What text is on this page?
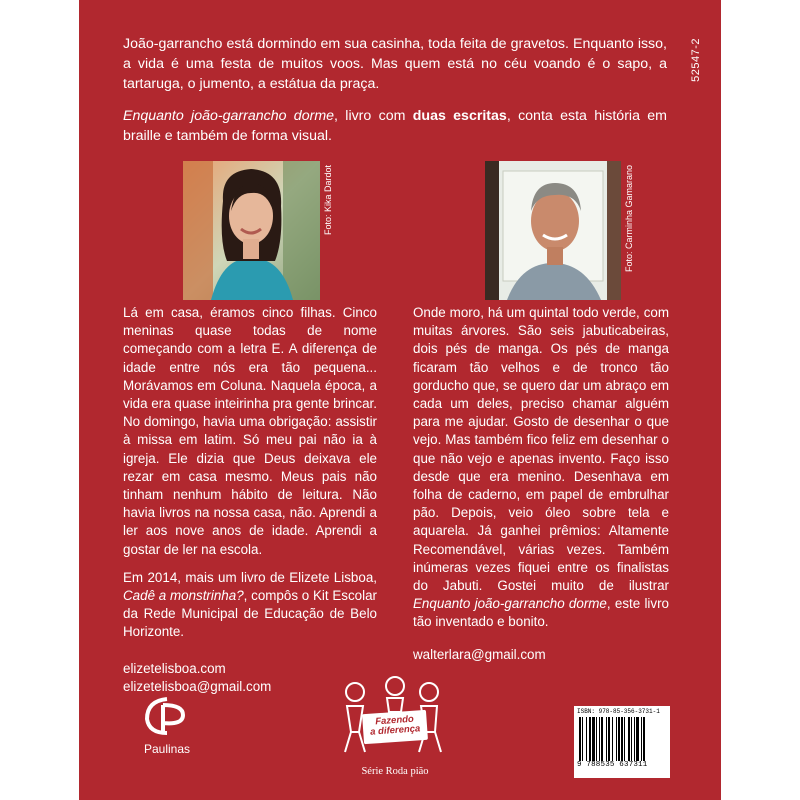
João-garrancho está dormindo em sua casinha, toda feita de gravetos. Enquanto isso, a vida é uma festa de muitos voos. Mas quem está no céu voando é o sapo, a tartaruga, o jumento, a estátua da praça.

Enquanto joão-garrancho dorme, livro com duas escritas, conta esta história em braille e também de forma visual.

52547-2
Foto: Kika Dardot	Foto: Carminha Gamarano

Lá em casa, éramos cinco filhas. Cinco meninas quase todas de nome começando com a letra E. A diferença de idade entre nós era tão pequena... Morávamos em Coluna. Naquela época, a vida era quase inteirinha pra gente brincar. No domingo, havia uma obrigação: assistir à missa em latim. Só meu pai não ia à igreja. Ele dizia que Deus deixava ele rezar em casa mesmo. Meus pais não tinham nenhum hábito de leitura. Não havia livros na nossa casa, não. Aprendi a ler aos nove anos de idade. Aprendi a gostar de ler na escola.

Em 2014, mais um livro de Elizete Lisboa, Cadê a monstrinha?, compôs o Kit Escolar da Rede Municipal de Educação de Belo Horizonte.

elizetelisboa.com
elizetelisboa@gmail.com

Onde moro, há um quintal todo verde, com muitas árvores. São seis jabuticabeiras, dois pés de manga. Os pés de manga ficaram tão velhos e de tronco tão gorducho que, se quero dar um abraço em cada um deles, preciso chamar alguém para me ajudar. Gosto de desenhar o que vejo. Mas também fico feliz em desenhar o que não vejo e apenas invento. Faço isso desde que era menino. Desenhava em folha de caderno, em papel de embrulhar pão. Depois, veio óleo sobre tela e aquarela. Já ganhei prêmios: Altamente Recomendável, várias vezes. Também inúmeras vezes fiquei entre os finalistas do Jabuti. Gostei muito de ilustrar Enquanto joão-garrancho dorme, este livro tão inventado e bonito.

walterlara@gmail.com
Paulinas
Fazendo
a diferença
Série Roda pião
ISBN: 978-85-356-3731-1
9 788535 637311
